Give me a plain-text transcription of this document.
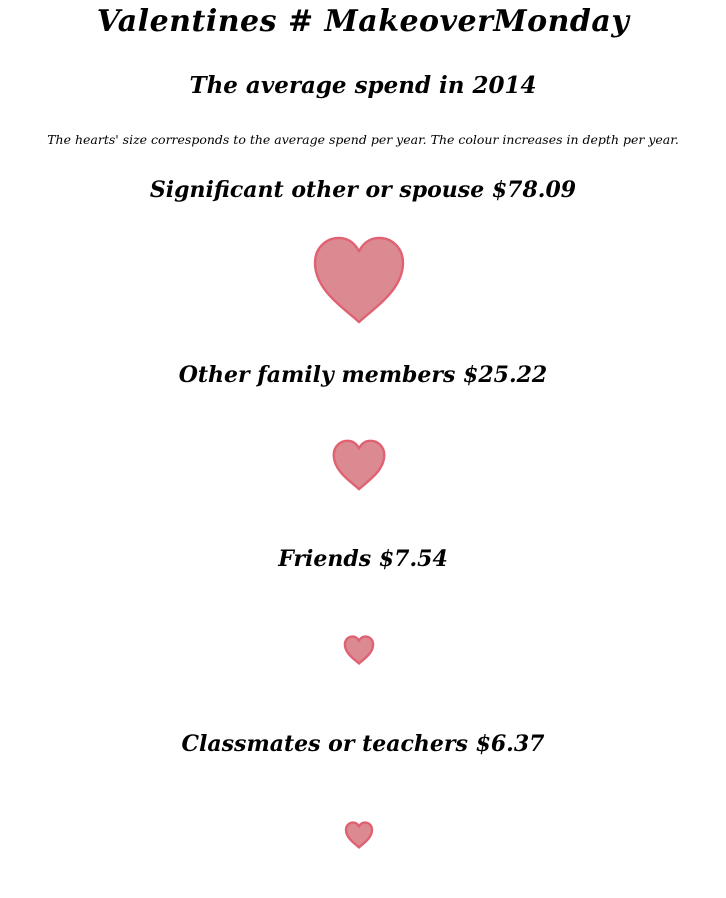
Valentines # MakeoverMonday
The average spend in 2014
The hearts' size corresponds to the average spend per year. The colour increases in depth per year.
Significant other or spouse $78.09
Other family members $25.22
Friends $7.54
Classmates or teachers $6.37
